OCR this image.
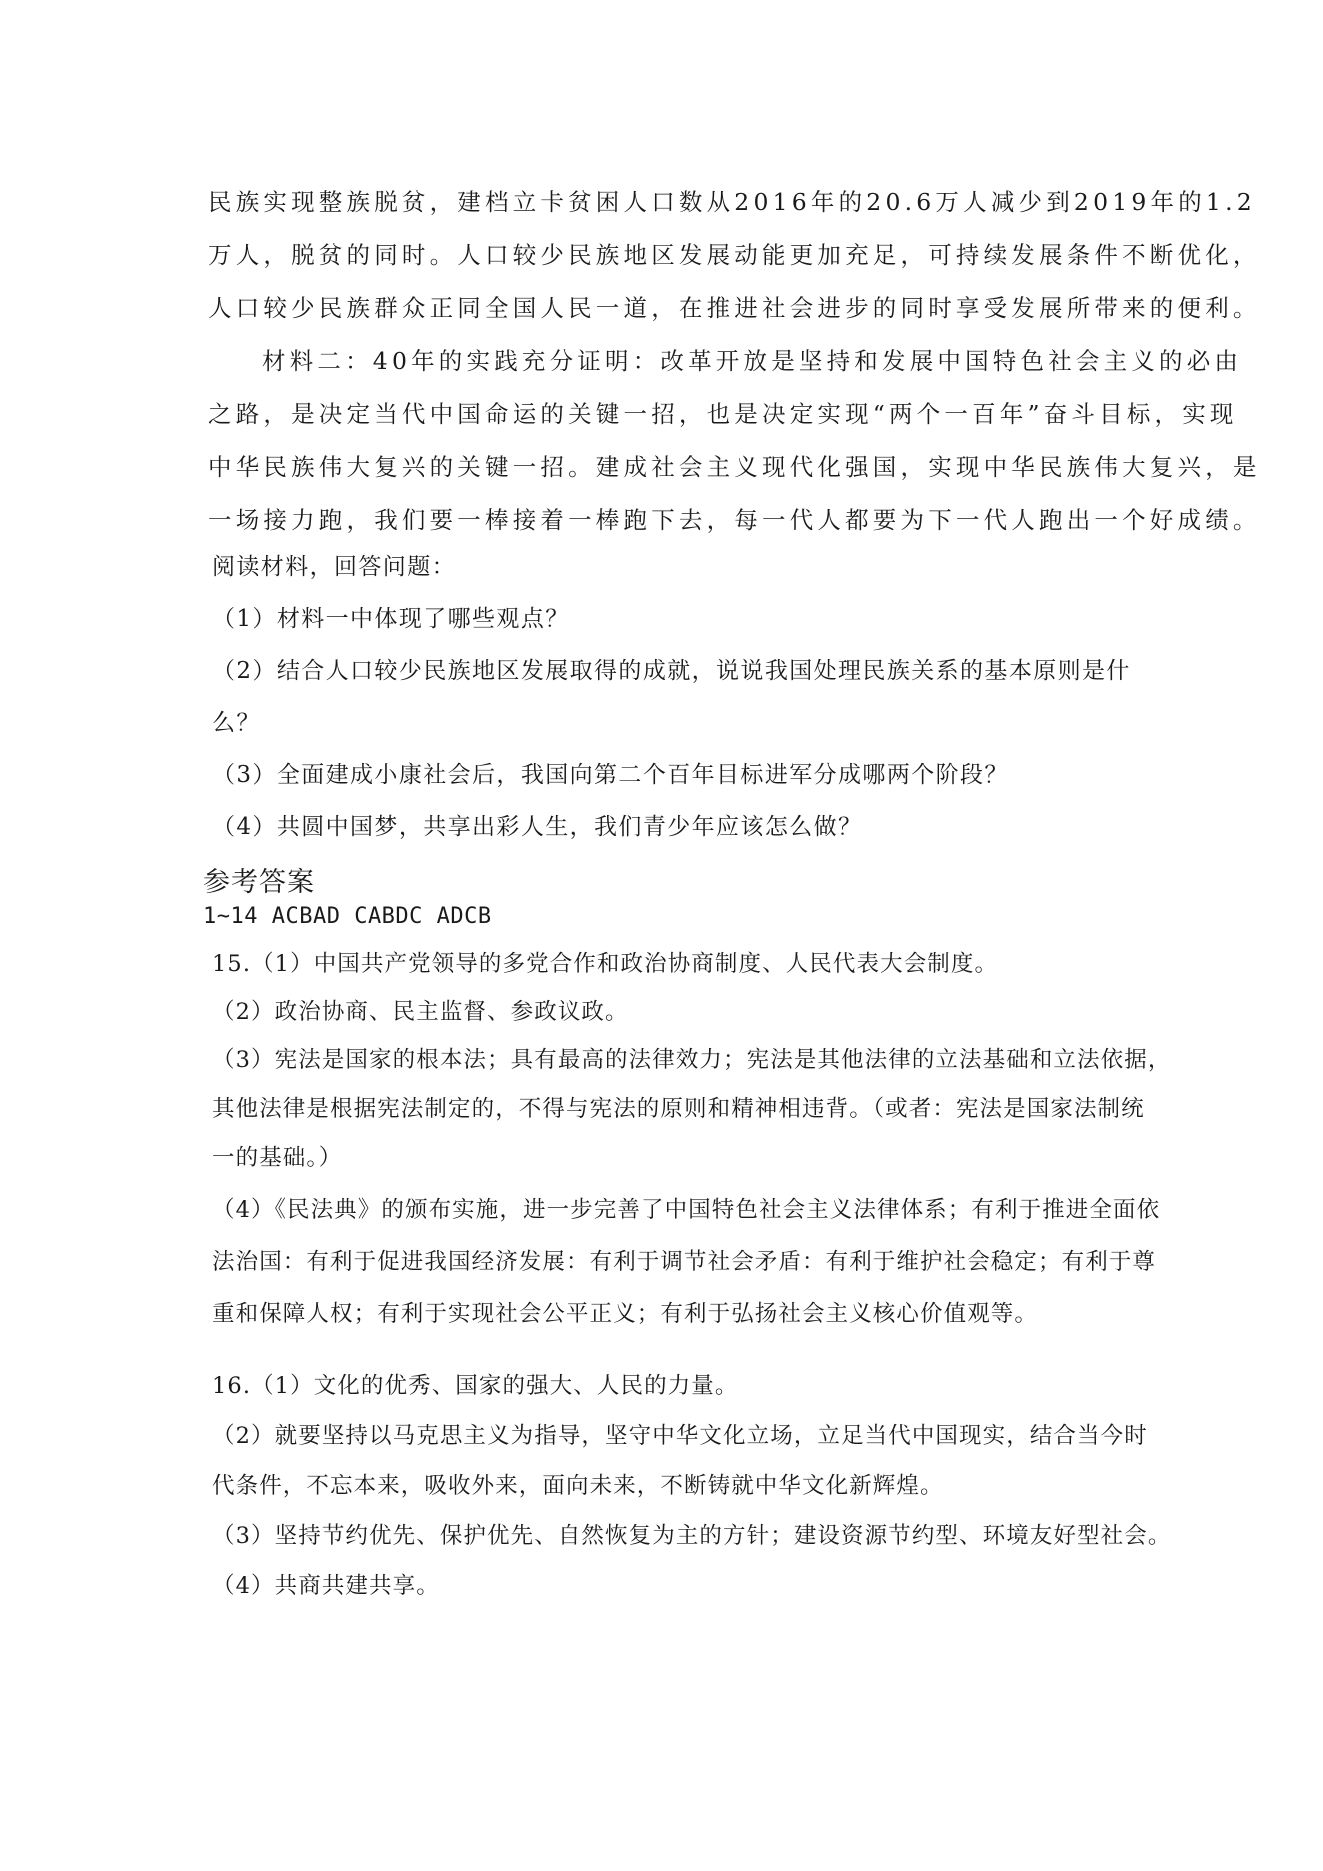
民族实现整族脱贫，建档立卡贫困人口数从2016年的20.6万人减少到2019年的1.2
万人，脱贫的同时。人口较少民族地区发展动能更加充足，可持续发展条件不断优化，
人口较少民族群众正同全国人民一道，在推进社会进步的同时享受发展所带来的便利。
材料二：40年的实践充分证明：改革开放是坚持和发展中国特色社会主义的必由
之路，是决定当代中国命运的关键一招，也是决定实现“两个一百年”奋斗目标，实现
中华民族伟大复兴的关键一招。建成社会主义现代化强国，实现中华民族伟大复兴，是
一场接力跑，我们要一棒接着一棒跑下去，每一代人都要为下一代人跑出一个好成绩。
阅读材料，回答问题：
（1）材料一中体现了哪些观点？
（2）结合人口较少民族地区发展取得的成就，说说我国处理民族关系的基本原则是什
么？
（3）全面建成小康社会后，我国向第二个百年目标进军分成哪两个阶段？
（4）共圆中国梦，共享出彩人生，我们青少年应该怎么做？
参考答案
1~14 ACBAD CABDC ADCB
15.（1）中国共产党领导的多党合作和政治协商制度、人民代表大会制度。
（2）政治协商、民主监督、参政议政。
（3）宪法是国家的根本法；具有最高的法律效力；宪法是其他法律的立法基础和立法依据，
其他法律是根据宪法制定的，不得与宪法的原则和精神相违背。（或者：宪法是国家法制统
一的基础。）
（4）《民法典》的颁布实施，进一步完善了中国特色社会主义法律体系；有利于推进全面依
法治国：有利于促进我国经济发展：有利于调节社会矛盾：有利于维护社会稳定；有利于尊
重和保障人权；有利于实现社会公平正义；有利于弘扬社会主义核心价值观等。
16.（1）文化的优秀、国家的强大、人民的力量。
（2）就要坚持以马克思主义为指导，坚守中华文化立场，立足当代中国现实，结合当今时
代条件，不忘本来，吸收外来，面向未来，不断铸就中华文化新辉煌。
（3）坚持节约优先、保护优先、自然恢复为主的方针；建设资源节约型、环境友好型社会。
（4）共商共建共享。
